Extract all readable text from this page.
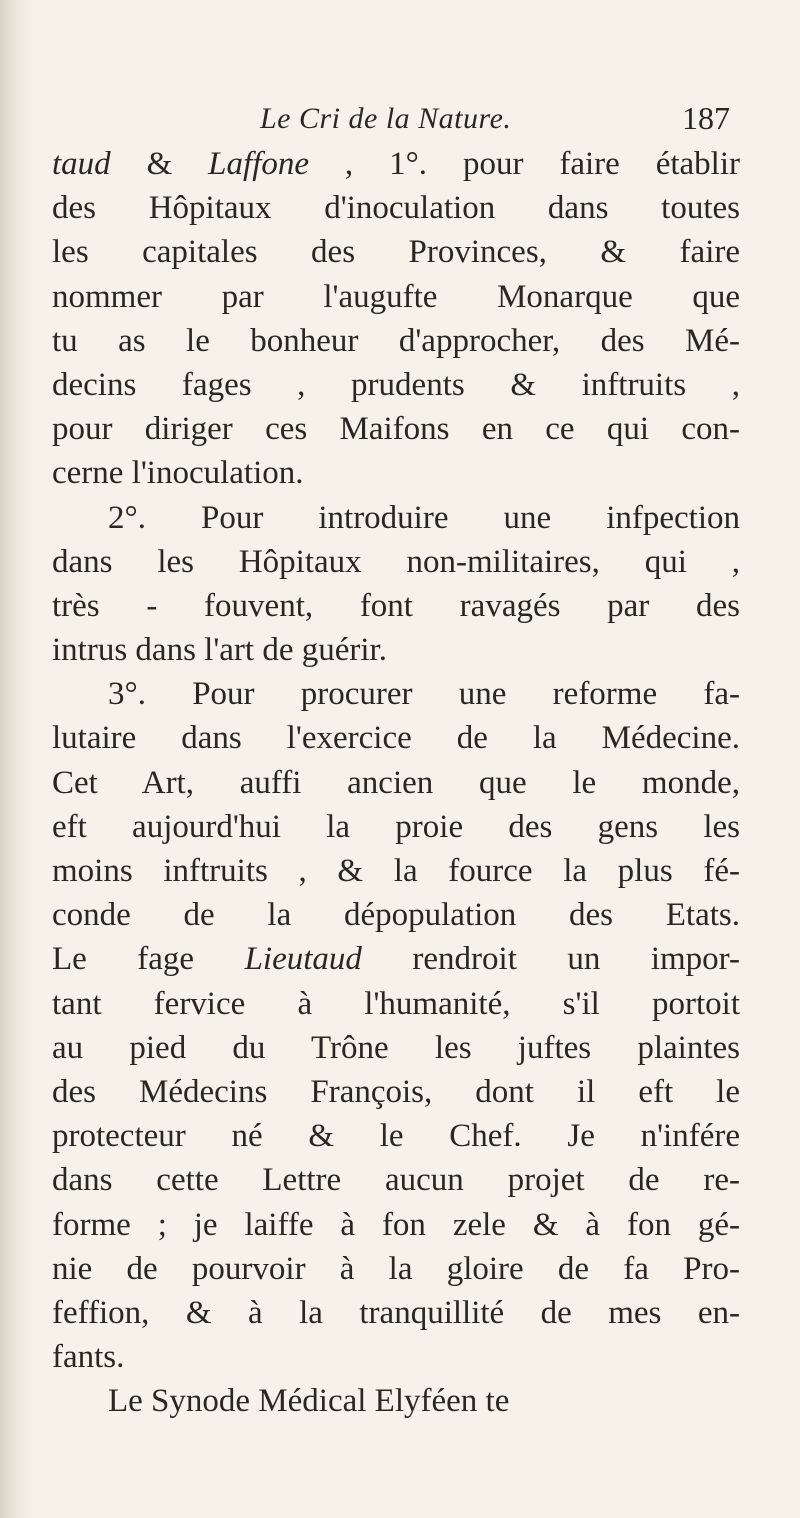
Le Cri de la Nature.	187
taud & Laffone , 1°. pour faire établir
des Hôpitaux d'inoculation dans toutes
les capitales des Provinces, & faire
nommer par l'augufte Monarque que
tu as le bonheur d'approcher, des Mé-
decins fages , prudents & inftruits ,
pour diriger ces Maifons en ce qui con-
cerne l'inoculation.
2°. Pour introduire une infpection
dans les Hôpitaux non-militaires, qui ,
très - fouvent, font ravagés par des
intrus dans l'art de guérir.
3°. Pour procurer une reforme fa-
lutaire dans l'exercice de la Médecine.
Cet Art, auffi ancien que le monde,
eft aujourd'hui la proie des gens les
moins inftruits , & la fource la plus fé-
conde de la dépopulation des Etats.
Le fage Lieutaud rendroit un impor-
tant fervice à l'humanité, s'il portoit
au pied du Trône les juftes plaintes
des Médecins François, dont il eft le
protecteur né & le Chef. Je n'infére
dans cette Lettre aucun projet de re-
forme ; je laiffe à fon zele & à fon gé-
nie de pourvoir à la gloire de fa Pro-
feffion, & à la tranquillité de mes en-
fants.
Le Synode Médical Elyféen te
